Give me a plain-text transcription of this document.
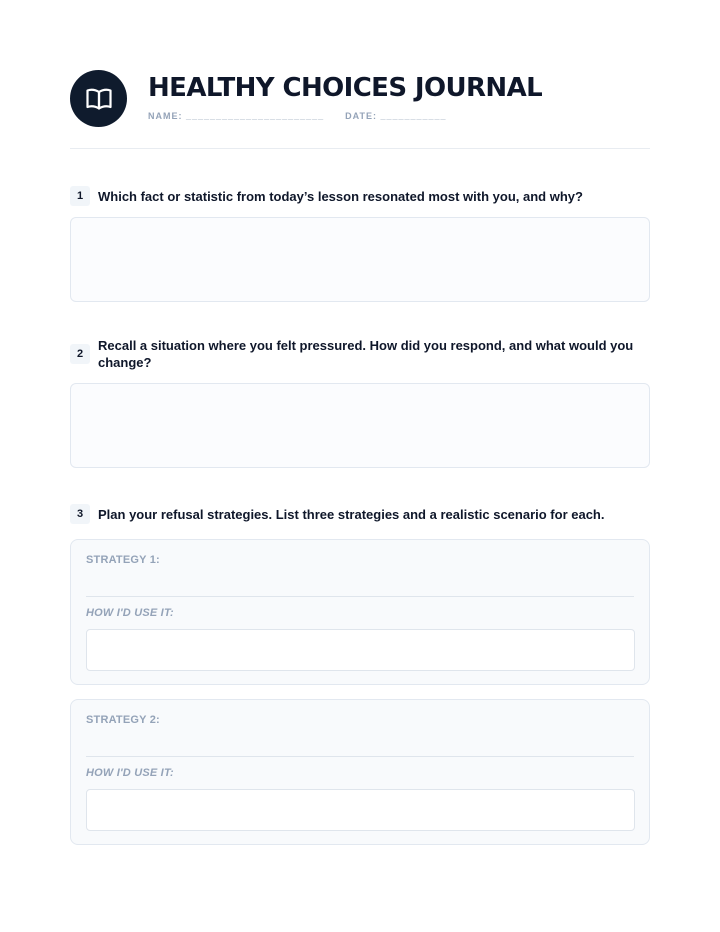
HEALTHY CHOICES JOURNAL
NAME: _______________________ DATE: ___________
1	Which fact or statistic from today’s lesson resonated most with you, and why?
2
Recall a situation where you felt pressured. How did you respond, and what would you change?
3	Plan your refusal strategies. List three strategies and a realistic scenario for each.
STRATEGY 1:
HOW I'D USE IT:
STRATEGY 2:
HOW I'D USE IT:
